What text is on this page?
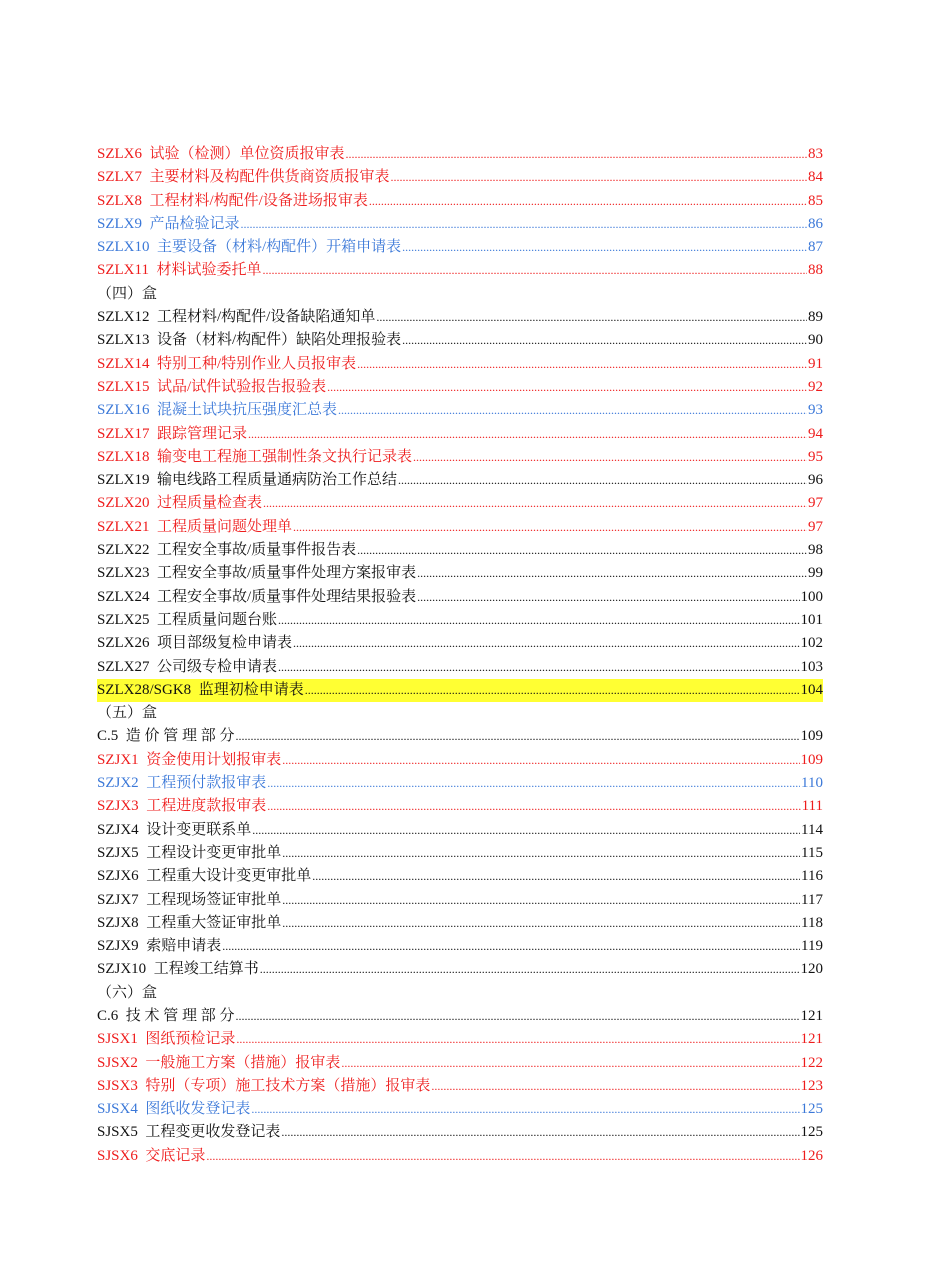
SZLX6 试验（检测）单位资质报审表 .....	83
SZLX7 主要材料及构配件供货商资质报审表 .....	84
SZLX8 工程材料/构配件/设备进场报审表 .....	85
SZLX9 产品检验记录 .....	86
SZLX10 主要设备（材料/构配件）开箱申请表 .....	87
SZLX11 材料试验委托单 .....	88
（四）盒
SZLX12 工程材料/构配件/设备缺陷通知单 .....	89
SZLX13 设备（材料/构配件）缺陷处理报验表 .....	90
SZLX14 特别工种/特别作业人员报审表 .....	91
SZLX15 试品/试件试验报告报验表 .....	92
SZLX16 混凝土试块抗压强度汇总表 .....	93
SZLX17 跟踪管理记录 .....	94
SZLX18 输变电工程施工强制性条文执行记录表 .....	95
SZLX19 输电线路工程质量通病防治工作总结 .....	96
SZLX20 过程质量检查表 .....	97
SZLX21 工程质量问题处理单 .....	97
SZLX22 工程安全事故/质量事件报告表 .....	98
SZLX23 工程安全事故/质量事件处理方案报审表 .....	99
SZLX24 工程安全事故/质量事件处理结果报验表 .....	100
SZLX25 工程质量问题台账 .....	101
SZLX26 项目部级复检申请表 .....	102
SZLX27 公司级专检申请表 .....	103
SZLX28/SGK8 监理初检申请表 .....	104
（五）盒
C.5 造 价 管 理 部 分 .....	109
SZJX1 资金使用计划报审表 .....	109
SZJX2 工程预付款报审表 .....	110
SZJX3 工程进度款报审表 .....	111
SZJX4 设计变更联系单 .....	114
SZJX5 工程设计变更审批单 .....	115
SZJX6 工程重大设计变更审批单 .....	116
SZJX7 工程现场签证审批单 .....	117
SZJX8 工程重大签证审批单 .....	118
SZJX9 索赔申请表 .....	119
SZJX10 工程竣工结算书 .....	120
（六）盒
C.6 技 术 管 理 部 分 .....	121
SJSX1 图纸预检记录 .....	121
SJSX2 一般施工方案（措施）报审表 .....	122
SJSX3 特别（专项）施工技术方案（措施）报审表 .....	123
SJSX4 图纸收发登记表 .....	125
SJSX5 工程变更收发登记表 .....	125
SJSX6 交底记录 .....	126
